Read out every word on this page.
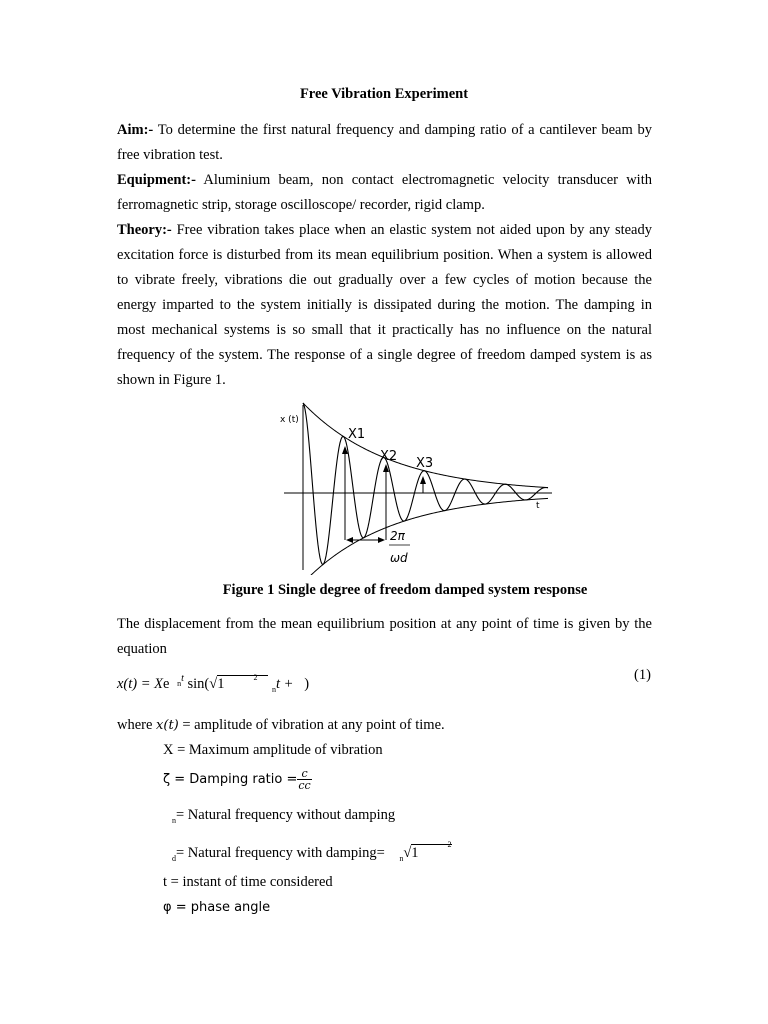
Free Vibration Experiment

Aim:- To determine the first natural frequency and damping ratio of a cantilever beam by free vibration test.

Equipment:- Aluminium beam, non contact electromagnetic velocity transducer with ferromagnetic strip, storage oscilloscope/ recorder, rigid clamp.

Theory:- Free vibration takes place when an elastic system not aided upon by any steady excitation force is disturbed from its mean equilibrium position. When a system is allowed to vibrate freely, vibrations die out gradually over a few cycles of motion because the energy imparted to the system initially is dissipated during the motion. The damping in most mechanical systems is so small that it practically has no influence on the natural frequency of the system. The response of a single degree of freedom damped system is as shown in Figure 1.

x (t)
t
X1
X2 X3
2π
ωd
Figure 1 Single degree of freedom damped system response

The displacement from the mean equilibrium position at any point of time is given by the equation

x(t) = Xe $n^t$ sin(√1	$^2$    $_n$t + )
(1)
where x(t) = amplitude of vibration at any point of time.
X = Maximum amplitude of vibration
ζ = Damping ratio = $\frac{c}{cc}$
$_n$= Natural frequency without damping
$_d$= Natural frequency with damping= $_n$√1        $^2$
t = instant of time considered
φ = phase angle
